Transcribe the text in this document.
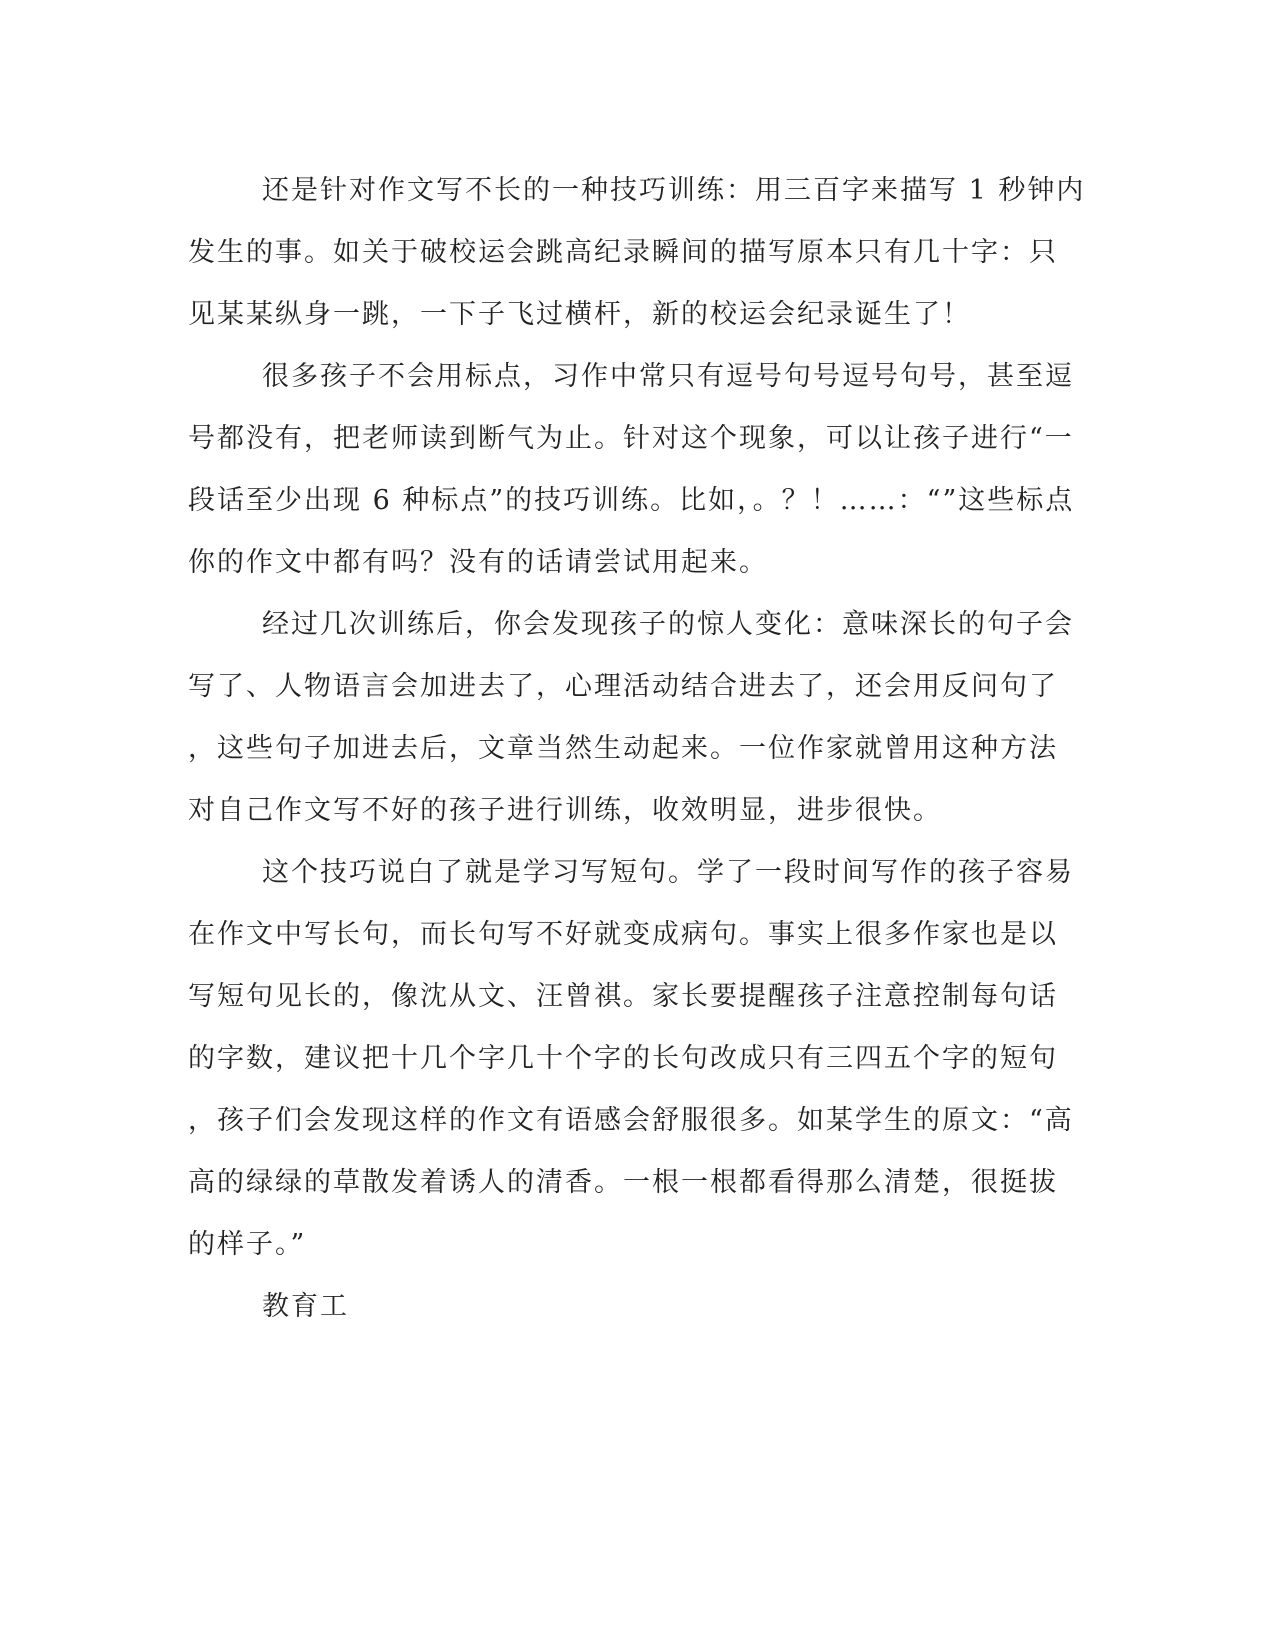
还是针对作文写不长的一种技巧训练：用三百字来描写 1 秒钟内
发生的事。如关于破校运会跳高纪录瞬间的描写原本只有几十字：只
见某某纵身一跳，一下子飞过横杆，新的校运会纪录诞生了！
很多孩子不会用标点，习作中常只有逗号句号逗号句号，甚至逗
号都没有，把老师读到断气为止。针对这个现象，可以让孩子进行“一
段话至少出现 6 种标点”的技巧训练。比如，。？！……：“”这些标点
你的作文中都有吗？没有的话请尝试用起来。
经过几次训练后，你会发现孩子的惊人变化：意味深长的句子会
写了、人物语言会加进去了，心理活动结合进去了，还会用反问句了
，这些句子加进去后，文章当然生动起来。一位作家就曾用这种方法
对自己作文写不好的孩子进行训练，收效明显，进步很快。
这个技巧说白了就是学习写短句。学了一段时间写作的孩子容易
在作文中写长句，而长句写不好就变成病句。事实上很多作家也是以
写短句见长的，像沈从文、汪曾祺。家长要提醒孩子注意控制每句话
的字数，建议把十几个字几十个字的长句改成只有三四五个字的短句
，孩子们会发现这样的作文有语感会舒服很多。如某学生的原文：“高
高的绿绿的草散发着诱人的清香。一根一根都看得那么清楚，很挺拔
的样子。”
教育工
